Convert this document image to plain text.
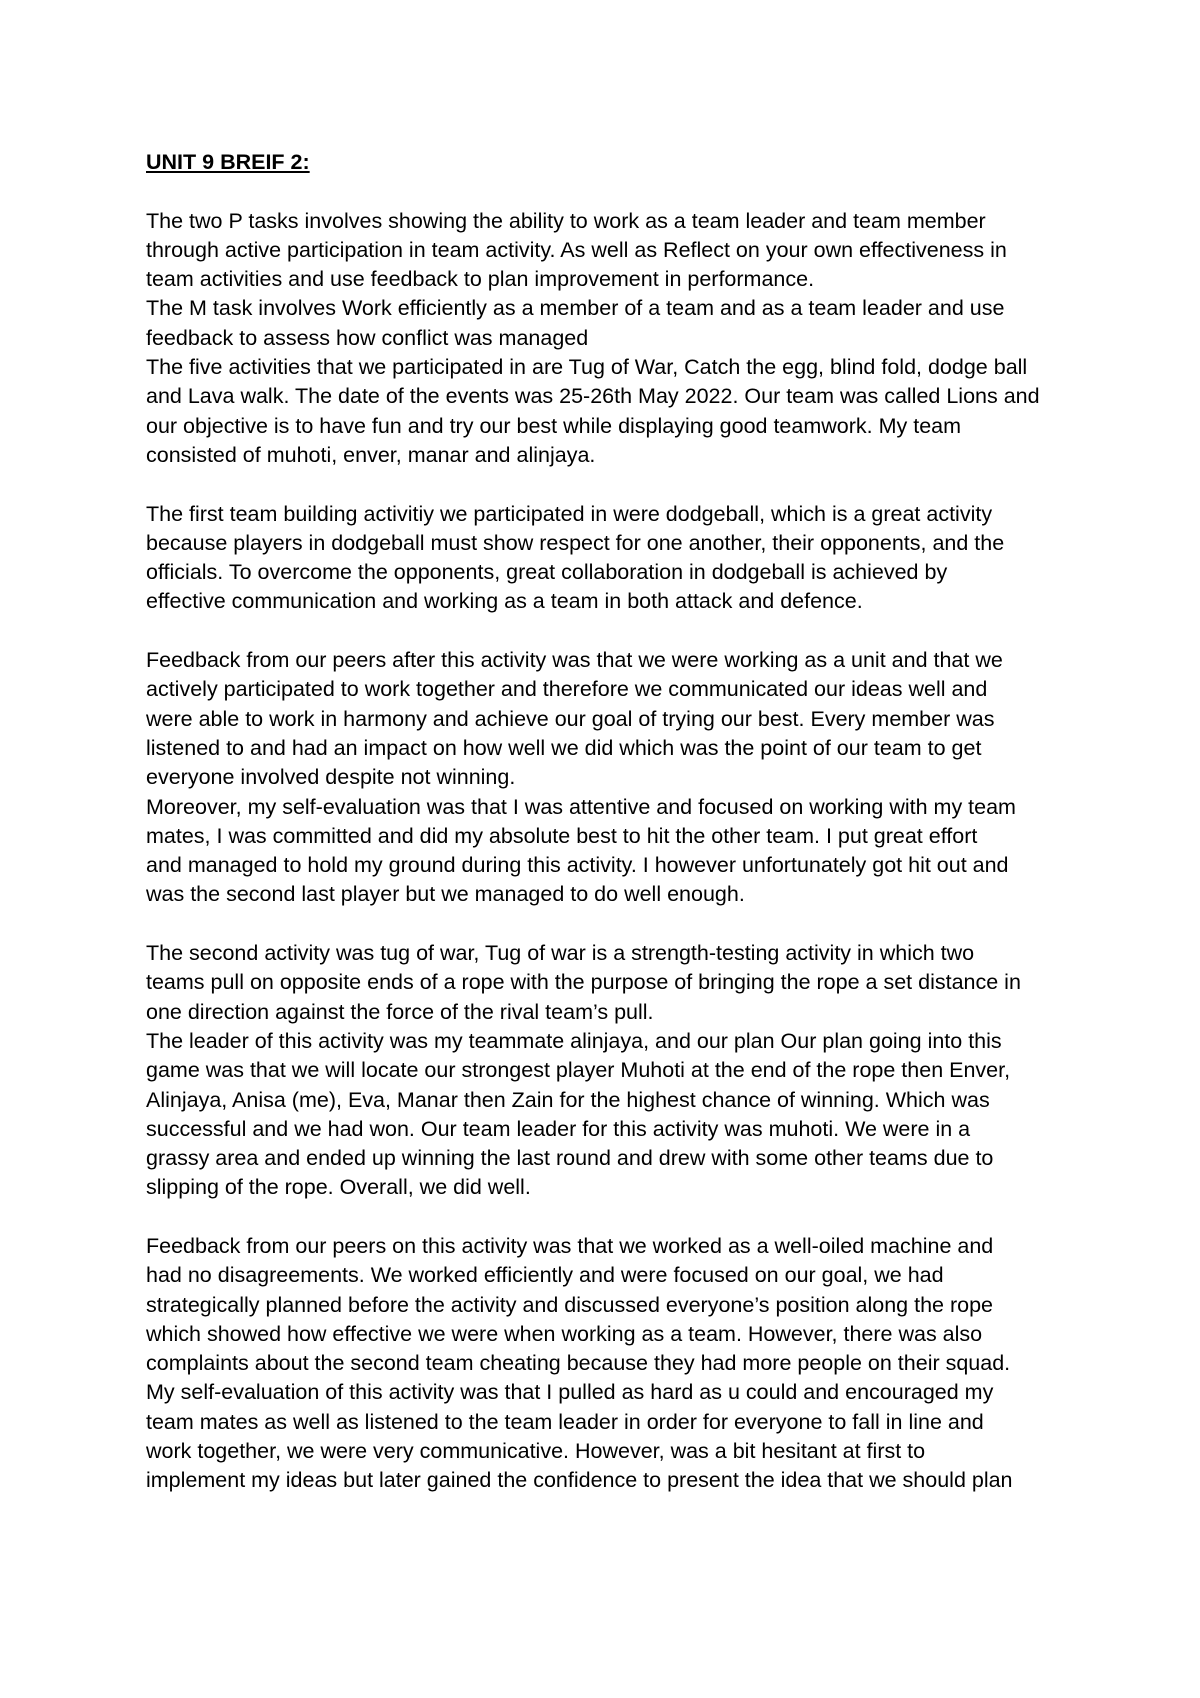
UNIT 9 BREIF 2:
The two P tasks involves showing the ability to work as a team leader and team member
through active participation in team activity. As well as Reflect on your own effectiveness in
team activities and use feedback to plan improvement in performance.
The M task involves Work efficiently as a member of a team and as a team leader and use
feedback to assess how conflict was managed
The five activities that we participated in are Tug of War, Catch the egg, blind fold, dodge ball
and Lava walk. The date of the events was 25-26th May 2022. Our team was called Lions and
our objective is to have fun and try our best while displaying good teamwork. My team
consisted of muhoti, enver, manar and alinjaya.
The first team building activitiy we participated in were dodgeball, which is a great activity
because players in dodgeball must show respect for one another, their opponents, and the
officials. To overcome the opponents, great collaboration in dodgeball is achieved by
effective communication and working as a team in both attack and defence.
Feedback from our peers after this activity was that we were working as a unit and that we
actively participated to work together and therefore we communicated our ideas well and
were able to work in harmony and achieve our goal of trying our best. Every member was
listened to and had an impact on how well we did which was the point of our team to get
everyone involved despite not winning.
Moreover, my self-evaluation was that I was attentive and focused on working with my team
mates, I was committed and did my absolute best to hit the other team. I put great effort
and managed to hold my ground during this activity. I however unfortunately got hit out and
was the second last player but we managed to do well enough.
The second activity was tug of war, Tug of war is a strength-testing activity in which two
teams pull on opposite ends of a rope with the purpose of bringing the rope a set distance in
one direction against the force of the rival team’s pull.
The leader of this activity was my teammate alinjaya, and our plan Our plan going into this
game was that we will locate our strongest player Muhoti at the end of the rope then Enver,
Alinjaya, Anisa (me), Eva, Manar then Zain for the highest chance of winning. Which was
successful and we had won. Our team leader for this activity was muhoti. We were in a
grassy area and ended up winning the last round and drew with some other teams due to
slipping of the rope. Overall, we did well.
Feedback from our peers on this activity was that we worked as a well-oiled machine and
had no disagreements. We worked efficiently and were focused on our goal, we had
strategically planned before the activity and discussed everyone’s position along the rope
which showed how effective we were when working as a team. However, there was also
complaints about the second team cheating because they had more people on their squad.
My self-evaluation of this activity was that I pulled as hard as u could and encouraged my
team mates as well as listened to the team leader in order for everyone to fall in line and
work together, we were very communicative. However, was a bit hesitant at first to
implement my ideas but later gained the confidence to present the idea that we should plan
